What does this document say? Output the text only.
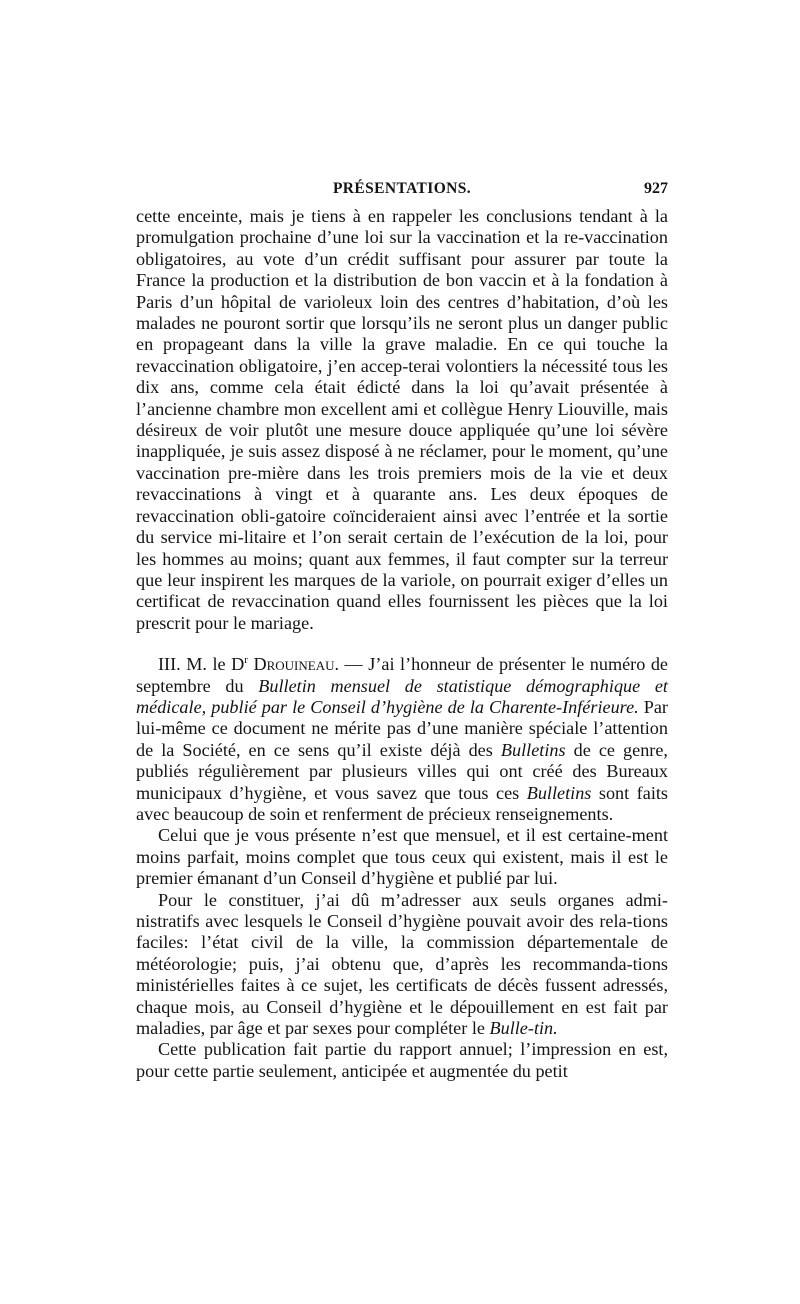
PRÉSENTATIONS.	927

cette enceinte, mais je tiens à en rappeler les conclusions tendant à la promulgation prochaine d’une loi sur la vaccination et la re-vaccination obligatoires, au vote d’un crédit suffisant pour assurer par toute la France la production et la distribution de bon vaccin et à la fondation à Paris d’un hôpital de varioleux loin des centres d’habitation, d’où les malades ne pouront sortir que lorsqu’ils ne seront plus un danger public en propageant dans la ville la grave maladie. En ce qui touche la revaccination obligatoire, j’en accep-terai volontiers la nécessité tous les dix ans, comme cela était édicté dans la loi qu’avait présentée à l’ancienne chambre mon excellent ami et collègue Henry Liouville, mais désireux de voir plutôt une mesure douce appliquée qu’une loi sévère inappliquée, je suis assez disposé à ne réclamer, pour le moment, qu’une vaccination pre-mière dans les trois premiers mois de la vie et deux revaccinations à vingt et à quarante ans. Les deux époques de revaccination obli-gatoire coïncideraient ainsi avec l’entrée et la sortie du service mi-litaire et l’on serait certain de l’exécution de la loi, pour les hommes au moins; quant aux femmes, il faut compter sur la terreur que leur inspirent les marques de la variole, on pourrait exiger d’elles un certificat de revaccination quand elles fournissent les pièces que la loi prescrit pour le mariage.

III. M. le $D^r$ Drouineau. — J’ai l’honneur de présenter le numéro de septembre du Bulletin mensuel de statistique démographique et médicale, publié par le Conseil d’hygiène de la Charente-Inférieure. Par lui-même ce document ne mérite pas d’une manière spéciale l’attention de la Société, en ce sens qu’il existe déjà des Bulletins de ce genre, publiés régulièrement par plusieurs villes qui ont créé des Bureaux municipaux d’hygiène, et vous savez que tous ces Bulletins sont faits avec beaucoup de soin et renferment de précieux renseignements.

Celui que je vous présente n’est que mensuel, et il est certaine-ment moins parfait, moins complet que tous ceux qui existent, mais il est le premier émanant d’un Conseil d’hygiène et publié par lui.

Pour le constituer, j’ai dû m’adresser aux seuls organes admi-nistratifs avec lesquels le Conseil d’hygiène pouvait avoir des rela-tions faciles: l’état civil de la ville, la commission départementale de météorologie; puis, j’ai obtenu que, d’après les recommanda-tions ministérielles faites à ce sujet, les certificats de décès fussent adressés, chaque mois, au Conseil d’hygiène et le dépouillement en est fait par maladies, par âge et par sexes pour compléter le Bulle-tin.

Cette publication fait partie du rapport annuel; l’impression en est, pour cette partie seulement, anticipée et augmentée du petit
